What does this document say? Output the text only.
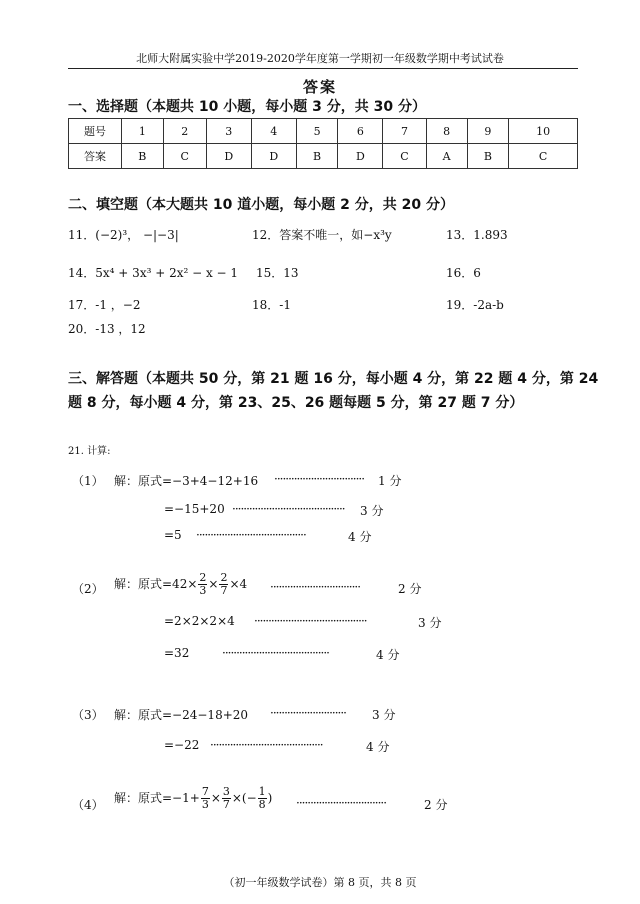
北师大附属实验中学2019-2020学年度第一学期初一年级数学期中考试试卷
答案
一、选择题（本题共 10 小题，每小题 3 分，共 30 分）
题号	1	2	3	4	5	6	7	8	9	10
答案	B	C	D	D	B	D	C	A	B	C
二、填空题（本大题共 10 道小题，每小题 2 分，共 20 分）
11．(−2)³， −|−3|	12．答案不唯一，如−x³y	13．1.893
14．5x⁴ + 3x³ + 2x² − x − 1 15．13	16．6
17．-1 ，−2	18．-1	19．-2a-b
20．-13 ，12
三、解答题（本题共 50 分，第 21 题 16 分，每小题 4 分，第 22 题 4 分，第 24
题 8 分，每小题 4 分，第 23、25、26 题每题 5 分，第 27 题 7 分）
21. 计算:
（1） 解：原式=−3+4−12+16 ································ 1 分
=−15+20 ········································ 3 分
=5 ·······································	4 分
（2） 解：原式$=42\times \frac{2}{3} \times \frac{2}{7} \times 4$ ································	2 分
=2×2×2×4 ········································	3 分
=32	······································	4 分
（3） 解：原式=−24−18+20 ··························· 3 分
=−22 ········································	4 分
（4） 解：原式$=-1+ \frac{7}{3} \times \frac{3}{7}$ ×(− $\frac{1}{8}$ ) ································	2 分
（初一年级数学试卷）第 8 页，共 8 页
